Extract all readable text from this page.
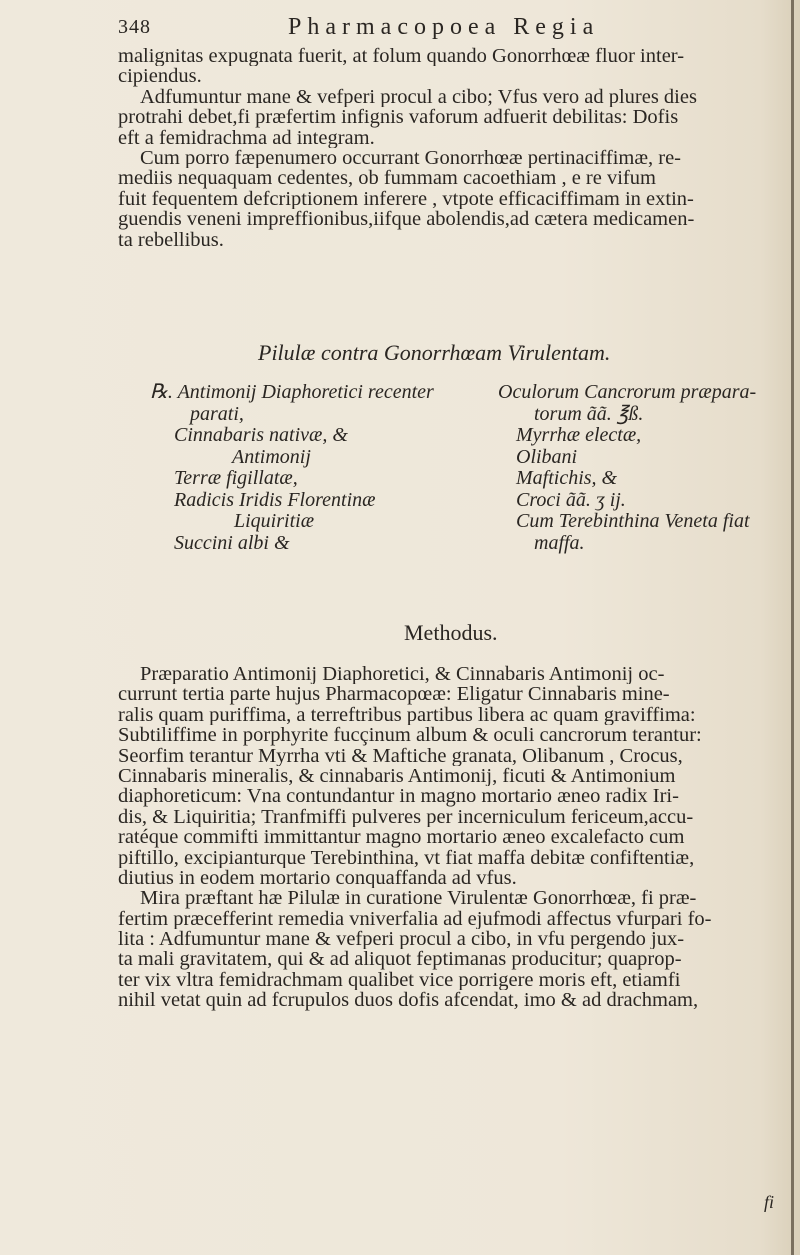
348	Pharmacopoea Regia
malignitas expugnata fuerit, at folum quando Gonorrhœæ fluor inter-
cipiendus.
Adfumuntur mane & vefperi procul a cibo; Vfus vero ad plures dies
protrahi debet,fi præfertim infignis vaforum adfuerit debilitas: Dofis
eft a femidrachma ad integram.
Cum porro fæpenumero occurrant Gonorrhœæ pertinaciffimæ, re-
mediis nequaquam cedentes, ob fummam cacoethiam , e re vifum
fuit fequentem defcriptionem inferere , vtpote efficaciffimam in extin-
guendis veneni impreffionibus,iifque abolendis,ad cætera medicamen-
ta rebellibus.
Pilulæ contra Gonorrhœam Virulentam.
℞. Antimonij Diaphoretici recenter
parati,
Cinnabaris nativæ, &
Antimonij
Terræ figillatæ,
Radicis Iridis Florentinæ
Liquiritiæ
Succini albi &
Oculorum Cancrorum præpara-
torum ãã. ℥ß.
Myrrhæ electæ,
Olibani
Maftichis, &
Croci ãã. ʒ ij.
Cum Terebinthina Veneta fiat
maffa.
Methodus.
Præparatio Antimonij Diaphoretici, & Cinnabaris Antimonij oc-
currunt tertia parte hujus Pharmacopœæ: Eligatur Cinnabaris mine-
ralis quam puriffima, a terreftribus partibus libera ac quam graviffima:
Subtiliffime in porphyrite fucçinum album & oculi cancrorum terantur:
Seorfim terantur Myrrha vti & Maftiche granata, Olibanum , Crocus,
Cinnabaris mineralis, & cinnabaris Antimonij, ficuti & Antimonium
diaphoreticum: Vna contundantur in magno mortario æneo radix Iri-
dis, & Liquiritia; Tranfmiffi pulveres per incerniculum fericeum,accu-
ratéque commifti immittantur magno mortario æneo excalefacto cum
piftillo, excipianturque Terebinthina, vt fiat maffa debitæ confiftentiæ,
diutius in eodem mortario conquaffanda ad vfus.
Mira præftant hæ Pilulæ in curatione Virulentæ Gonorrhœæ, fi præ-
fertim præcefferint remedia vniverfalia ad ejufmodi affectus vfurpari fo-
lita : Adfumuntur mane & vefperi procul a cibo, in vfu pergendo jux-
ta mali gravitatem, qui & ad aliquot feptimanas producitur; quaprop-
ter vix vltra femidrachmam qualibet vice porrigere moris eft, etiamfi
nihil vetat quin ad fcrupulos duos dofis afcendat, imo & ad drachmam,
fi
